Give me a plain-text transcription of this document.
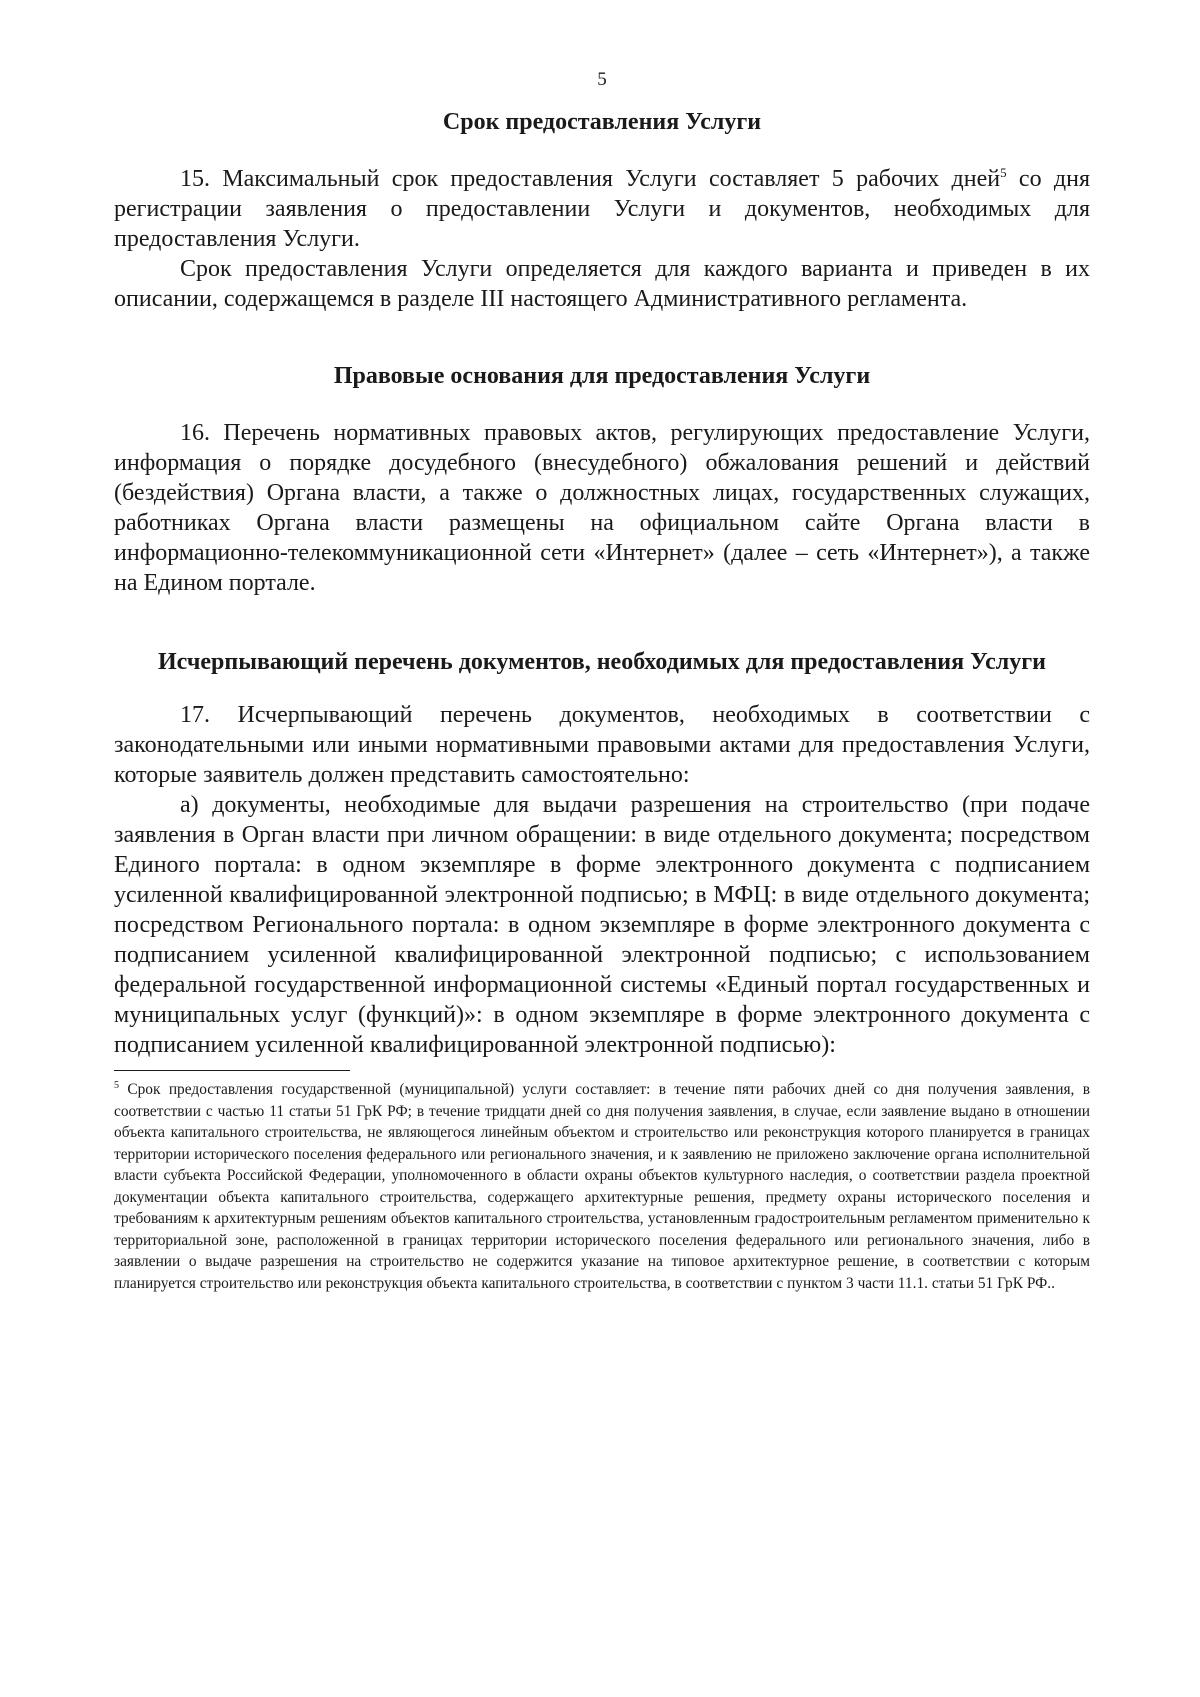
5
Срок предоставления Услуги

15. Максимальный срок предоставления Услуги составляет 5 рабочих дней$^5$ со дня регистрации заявления о предоставлении Услуги и документов, необходимых для предоставления Услуги.

Срок предоставления Услуги определяется для каждого варианта и приведен в их описании, содержащемся в разделе III настоящего Административного регламента.

Правовые основания для предоставления Услуги

16. Перечень нормативных правовых актов, регулирующих предоставление Услуги, информация о порядке досудебного (внесудебного) обжалования решений и действий (бездействия) Органа власти, а также о должностных лицах, государственных служащих, работниках Органа власти размещены на официальном сайте Органа власти в информационно-телекоммуникационной сети «Интернет» (далее – сеть «Интернет»), а также на Едином портале.

Исчерпывающий перечень документов, необходимых для предоставления Услуги

17. Исчерпывающий перечень документов, необходимых в соответствии с законодательными или иными нормативными правовыми актами для предоставления Услуги, которые заявитель должен представить самостоятельно:

а) документы, необходимые для выдачи разрешения на строительство (при подаче заявления в Орган власти при личном обращении: в виде отдельного документа; посредством Единого портала: в одном экземпляре в форме электронного документа с подписанием усиленной квалифицированной электронной подписью; в МФЦ: в виде отдельного документа; посредством Регионального портала: в одном экземпляре в форме электронного документа с подписанием усиленной квалифицированной электронной подписью; с использованием федеральной государственной информационной системы «Единый портал государственных и муниципальных услуг (функций)»: в одном экземпляре в форме электронного документа с подписанием усиленной квалифицированной электронной подписью):

$^5$ Срок предоставления государственной (муниципальной) услуги составляет: в течение пяти рабочих дней со дня получения заявления, в соответствии с частью 11 статьи 51 ГрК РФ; в течение тридцати дней со дня получения заявления, в случае, если заявление выдано в отношении объекта капитального строительства, не являющегося линейным объектом и строительство или реконструкция которого планируется в границах территории исторического поселения федерального или регионального значения, и к заявлению не приложено заключение органа исполнительной власти субъекта Российской Федерации, уполномоченного в области охраны объектов культурного наследия, о соответствии раздела проектной документации объекта капитального строительства, содержащего архитектурные решения, предмету охраны исторического поселения и требованиям к архитектурным решениям объектов капитального строительства, установленным градостроительным регламентом применительно к территориальной зоне, расположенной в границах территории исторического поселения федерального или регионального значения, либо в заявлении о выдаче разрешения на строительство не содержится указание на типовое архитектурное решение, в соответствии с которым планируется строительство или реконструкция объекта капитального строительства, в соответствии с пунктом 3 части 11.1. статьи 51 ГрК РФ..
